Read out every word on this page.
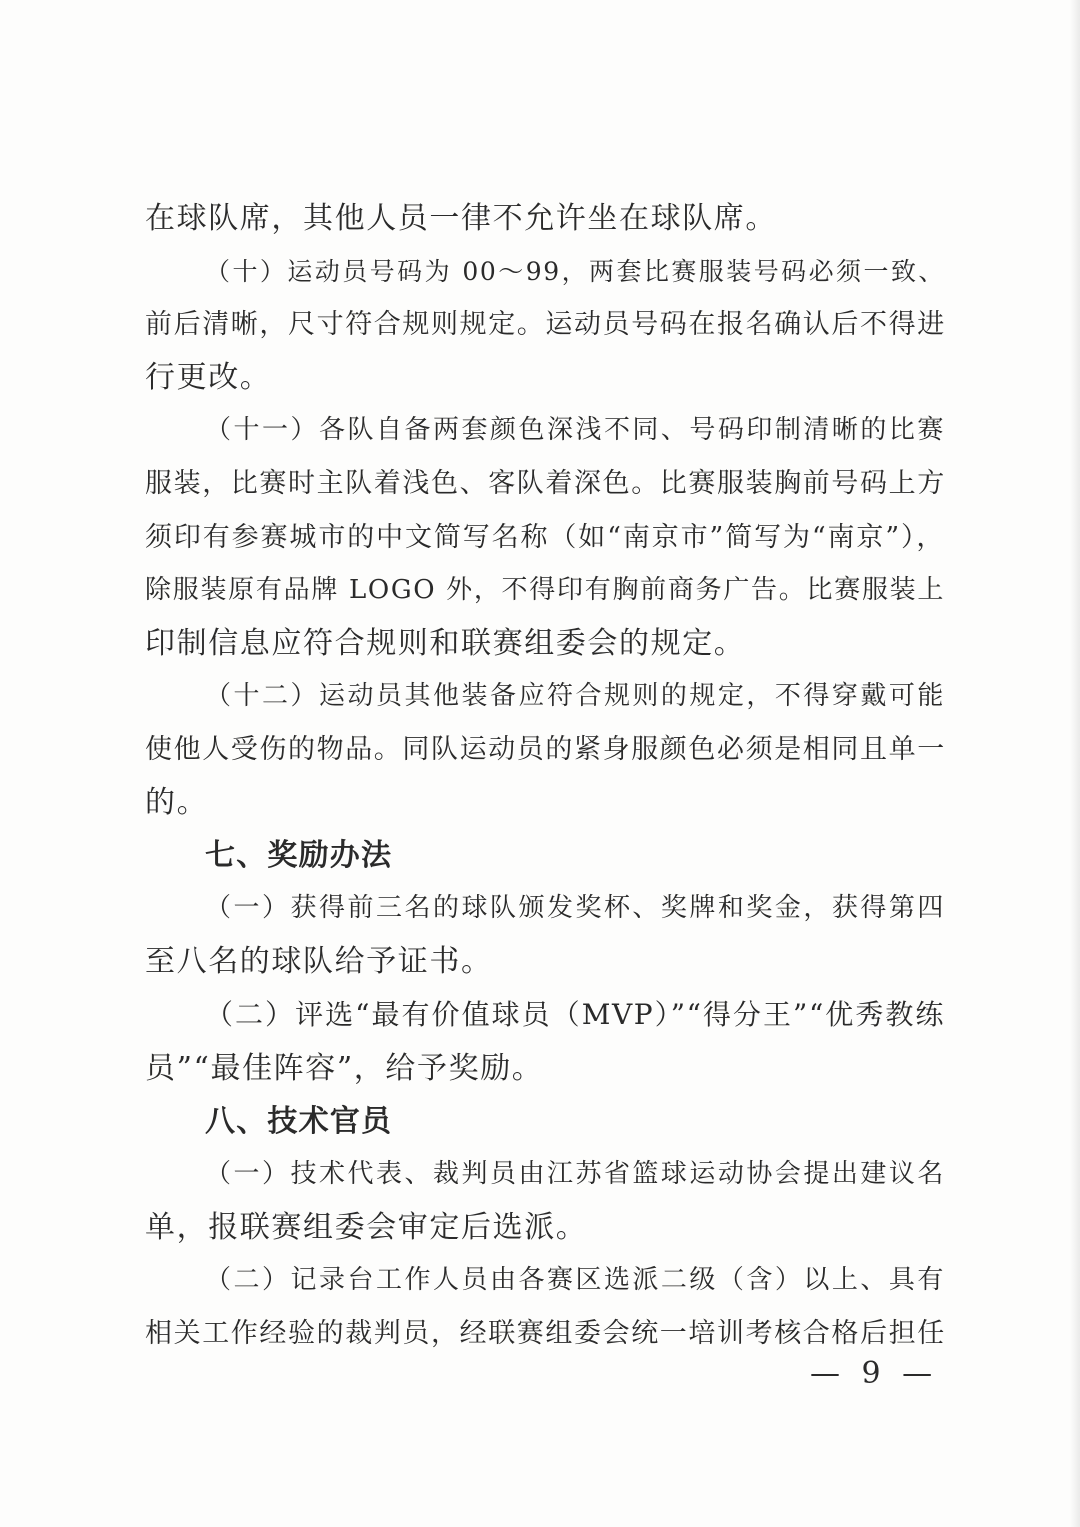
在球队席，其他人员一律不允许坐在球队席。
（十）运动员号码为 00～99，两套比赛服装号码必须一致、
前后清晰，尺寸符合规则规定。运动员号码在报名确认后不得进
行更改。
（十一）各队自备两套颜色深浅不同、号码印制清晰的比赛
服装，比赛时主队着浅色、客队着深色。比赛服装胸前号码上方
须印有参赛城市的中文简写名称（如“南京市”简写为“南京”），
除服装原有品牌 LOGO 外，不得印有胸前商务广告。比赛服装上
印制信息应符合规则和联赛组委会的规定。
（十二）运动员其他装备应符合规则的规定，不得穿戴可能
使他人受伤的物品。同队运动员的紧身服颜色必须是相同且单一
的。
七、奖励办法
（一）获得前三名的球队颁发奖杯、奖牌和奖金，获得第四
至八名的球队给予证书。
（二）评选“最有价值球员（MVP）”“得分王”“优秀教练
员”“最佳阵容”，给予奖励。
八、技术官员
（一）技术代表、裁判员由江苏省篮球运动协会提出建议名
单，报联赛组委会审定后选派。
（二）记录台工作人员由各赛区选派二级（含）以上、具有
相关工作经验的裁判员，经联赛组委会统一培训考核合格后担任
— 9 —
